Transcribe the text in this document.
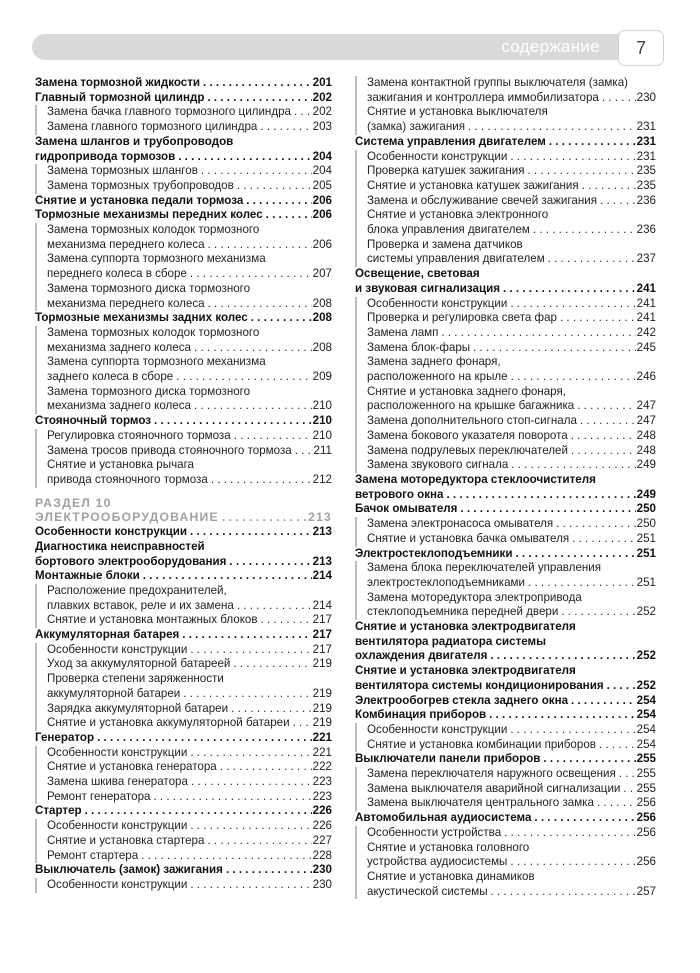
содержание	7
Замена тормозной жидкости . . .	201
Главный тормозной цилиндр . . .	202
Замена бачка главного тормозного цилиндра . . . 202
Замена главного тормозного цилиндра . . .	203
Замена шлангов и трубопроводов
гидропривода тормозов . . .	204
Замена тормозных шлангов . . .	204
Замена тормозных трубопроводов . . .	205
Снятие и установка педали тормоза . . .	206
Тормозные механизмы передних колес . . .	206
Замена тормозных колодок тормозного
механизма переднего колеса . . .	206
Замена суппорта тормозного механизма
переднего колеса в сборе . . .	207
Замена тормозного диска тормозного
механизма переднего колеса . . .	208
Тормозные механизмы задних колес . . .	208
Замена тормозных колодок тормозного
механизма заднего колеса . . .	208
Замена суппорта тормозного механизма
заднего колеса в сборе . . .	209
Замена тормозного диска тормозного
механизма заднего колеса . . .	210
Стояночный тормоз . . .	210
Регулировка стояночного тормоза . . .	210
Замена тросов привода стояночного тормоза . . . 211
Снятие и установка рычага
привода стояночного тормоза . . .	212
РАЗДЕЛ 10
ЭЛЕКТРООБОРУДОВАНИЕ . . .	213
Особенности конструкции . . .	213
Диагностика неисправностей
бортового электрооборудования . . .	213
Монтажные блоки . . .	214
Расположение предохранителей,
плавких вставок, реле и их замена . . .	214
Снятие и установка монтажных блоков . . .	217
Аккумуляторная батарея . . .	217
Особенности конструкции . . .	217
Уход за аккумуляторной батареей . . .	219
Проверка степени заряженности
аккумуляторной батареи . . .	219
Зарядка аккумуляторной батареи . . .	219
Снятие и установка аккумуляторной батареи . . . 219
Генератор . . .	221
Особенности конструкции . . .	221
Снятие и установка генератора . . .	222
Замена шкива генератора . . .	223
Ремонт генератора . . .	223
Стартер . . .	226
Особенности конструкции . . .	226
Снятие и установка стартера . . .	227
Ремонт стартера . . .	228
Выключатель (замок) зажигания . . .	230
Особенности конструкции . . .	230
Замена контактной группы выключателя (замка)
зажигания и контроллера иммобилизатора . . .	230
Снятие и установка выключателя
(замка) зажигания . . .	231
Система управления двигателем . . .	231
Особенности конструкции . . .	231
Проверка катушек зажигания . . .	235
Снятие и установка катушек зажигания . . .	235
Замена и обслуживание свечей зажигания . . .	236
Снятие и установка электронного
блока управления двигателем . . .	236
Проверка и замена датчиков
системы управления двигателем . . .	237
Освещение, световая
и звуковая сигнализация . . .	241
Особенности конструкции . . .	241
Проверка и регулировка света фар . . .	241
Замена ламп . . .	242
Замена блок-фары . . .	245
Замена заднего фонаря,
расположенного на крыле . . .	246
Снятие и установка заднего фонаря,
расположенного на крышке багажника . . .	247
Замена дополнительного стоп-сигнала . . .	247
Замена бокового указателя поворота . . .	248
Замена подрулевых переключателей . . .	248
Замена звукового сигнала . . .	249
Замена моторедуктора стеклоочистителя
ветрового окна . . .	249
Бачок омывателя . . .	250
Замена электронасоса омывателя . . .	250
Снятие и установка бачка омывателя . . .	251
Электростеклоподъемники . . .	251
Замена блока переключателей управления
электростеклоподъемниками . . .	251
Замена моторедуктора электропривода
стеклоподъемника передней двери . . .	252
Снятие и установка электродвигателя
вентилятора радиатора системы
охлаждения двигателя . . .	252
Снятие и установка электродвигателя
вентилятора системы кондиционирования . . .	252
Электрообогрев стекла заднего окна . . .	254
Комбинация приборов . . .	254
Особенности конструкции . . .	254
Снятие и установка комбинации приборов . . .	254
Выключатели панели приборов . . .	255
Замена переключателя наружного освещения . . . 255
Замена выключателя аварийной сигнализации . . . 255
Замена выключателя центрального замка . . .	256
Автомобильная аудиосистема . . .	256
Особенности устройства . . .	256
Снятие и установка головного
устройства аудиосистемы . . .	256
Снятие и установка динамиков
акустической системы . . .	257
